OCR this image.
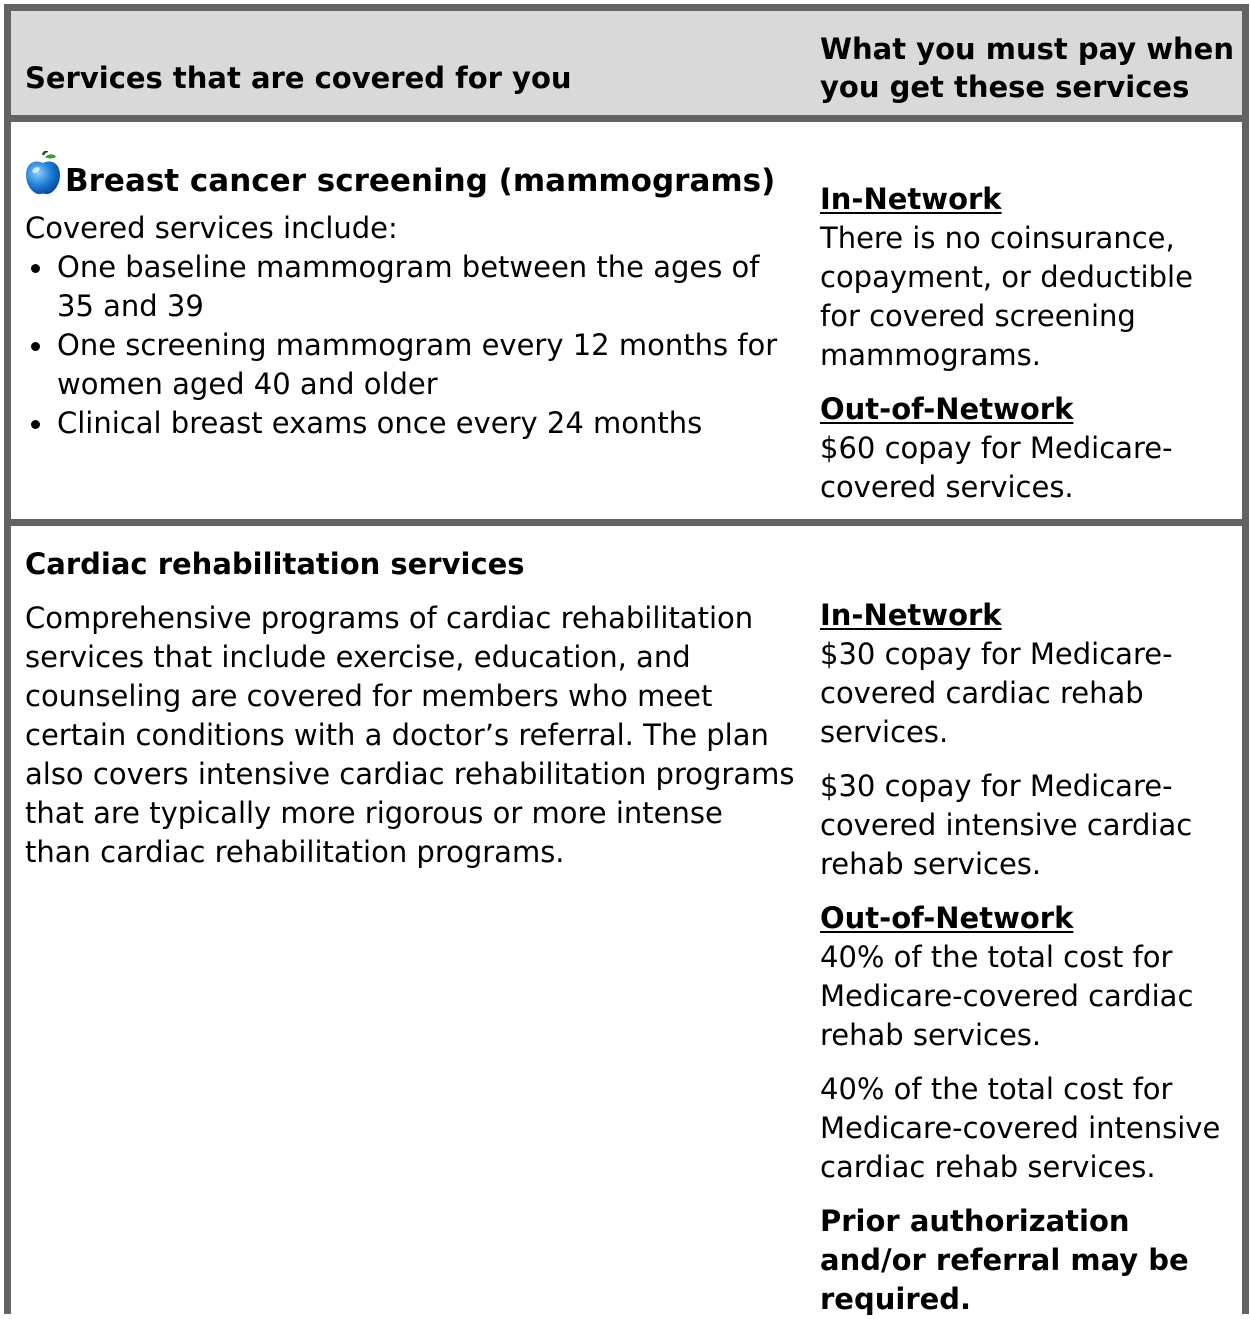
Services that are covered for you
What you must pay when you get these services
Breast cancer screening (mammograms)

Covered services include:

One baseline mammogram between the ages of 35 and 39
One screening mammogram every 12 months for women aged 40 and older
Clinical breast exams once every 24 months
In-Network

There is no coinsurance, copayment, or deductible for covered screening mammograms.

Out-of-Network

$60 copay for Medicare-covered services.

Cardiac rehabilitation services

Comprehensive programs of cardiac rehabilitation services that include exercise, education, and counseling are covered for members who meet certain conditions with a doctor’s referral. The plan also covers intensive cardiac rehabilitation programs that are typically more rigorous or more intense than cardiac rehabilitation programs.

In-Network

$30 copay for Medicare-covered cardiac rehab services.

$30 copay for Medicare-covered intensive cardiac rehab services.

Out-of-Network

40% of the total cost for Medicare-covered cardiac rehab services.

40% of the total cost for Medicare-covered intensive cardiac rehab services.

Prior authorization and/or referral may be required.
